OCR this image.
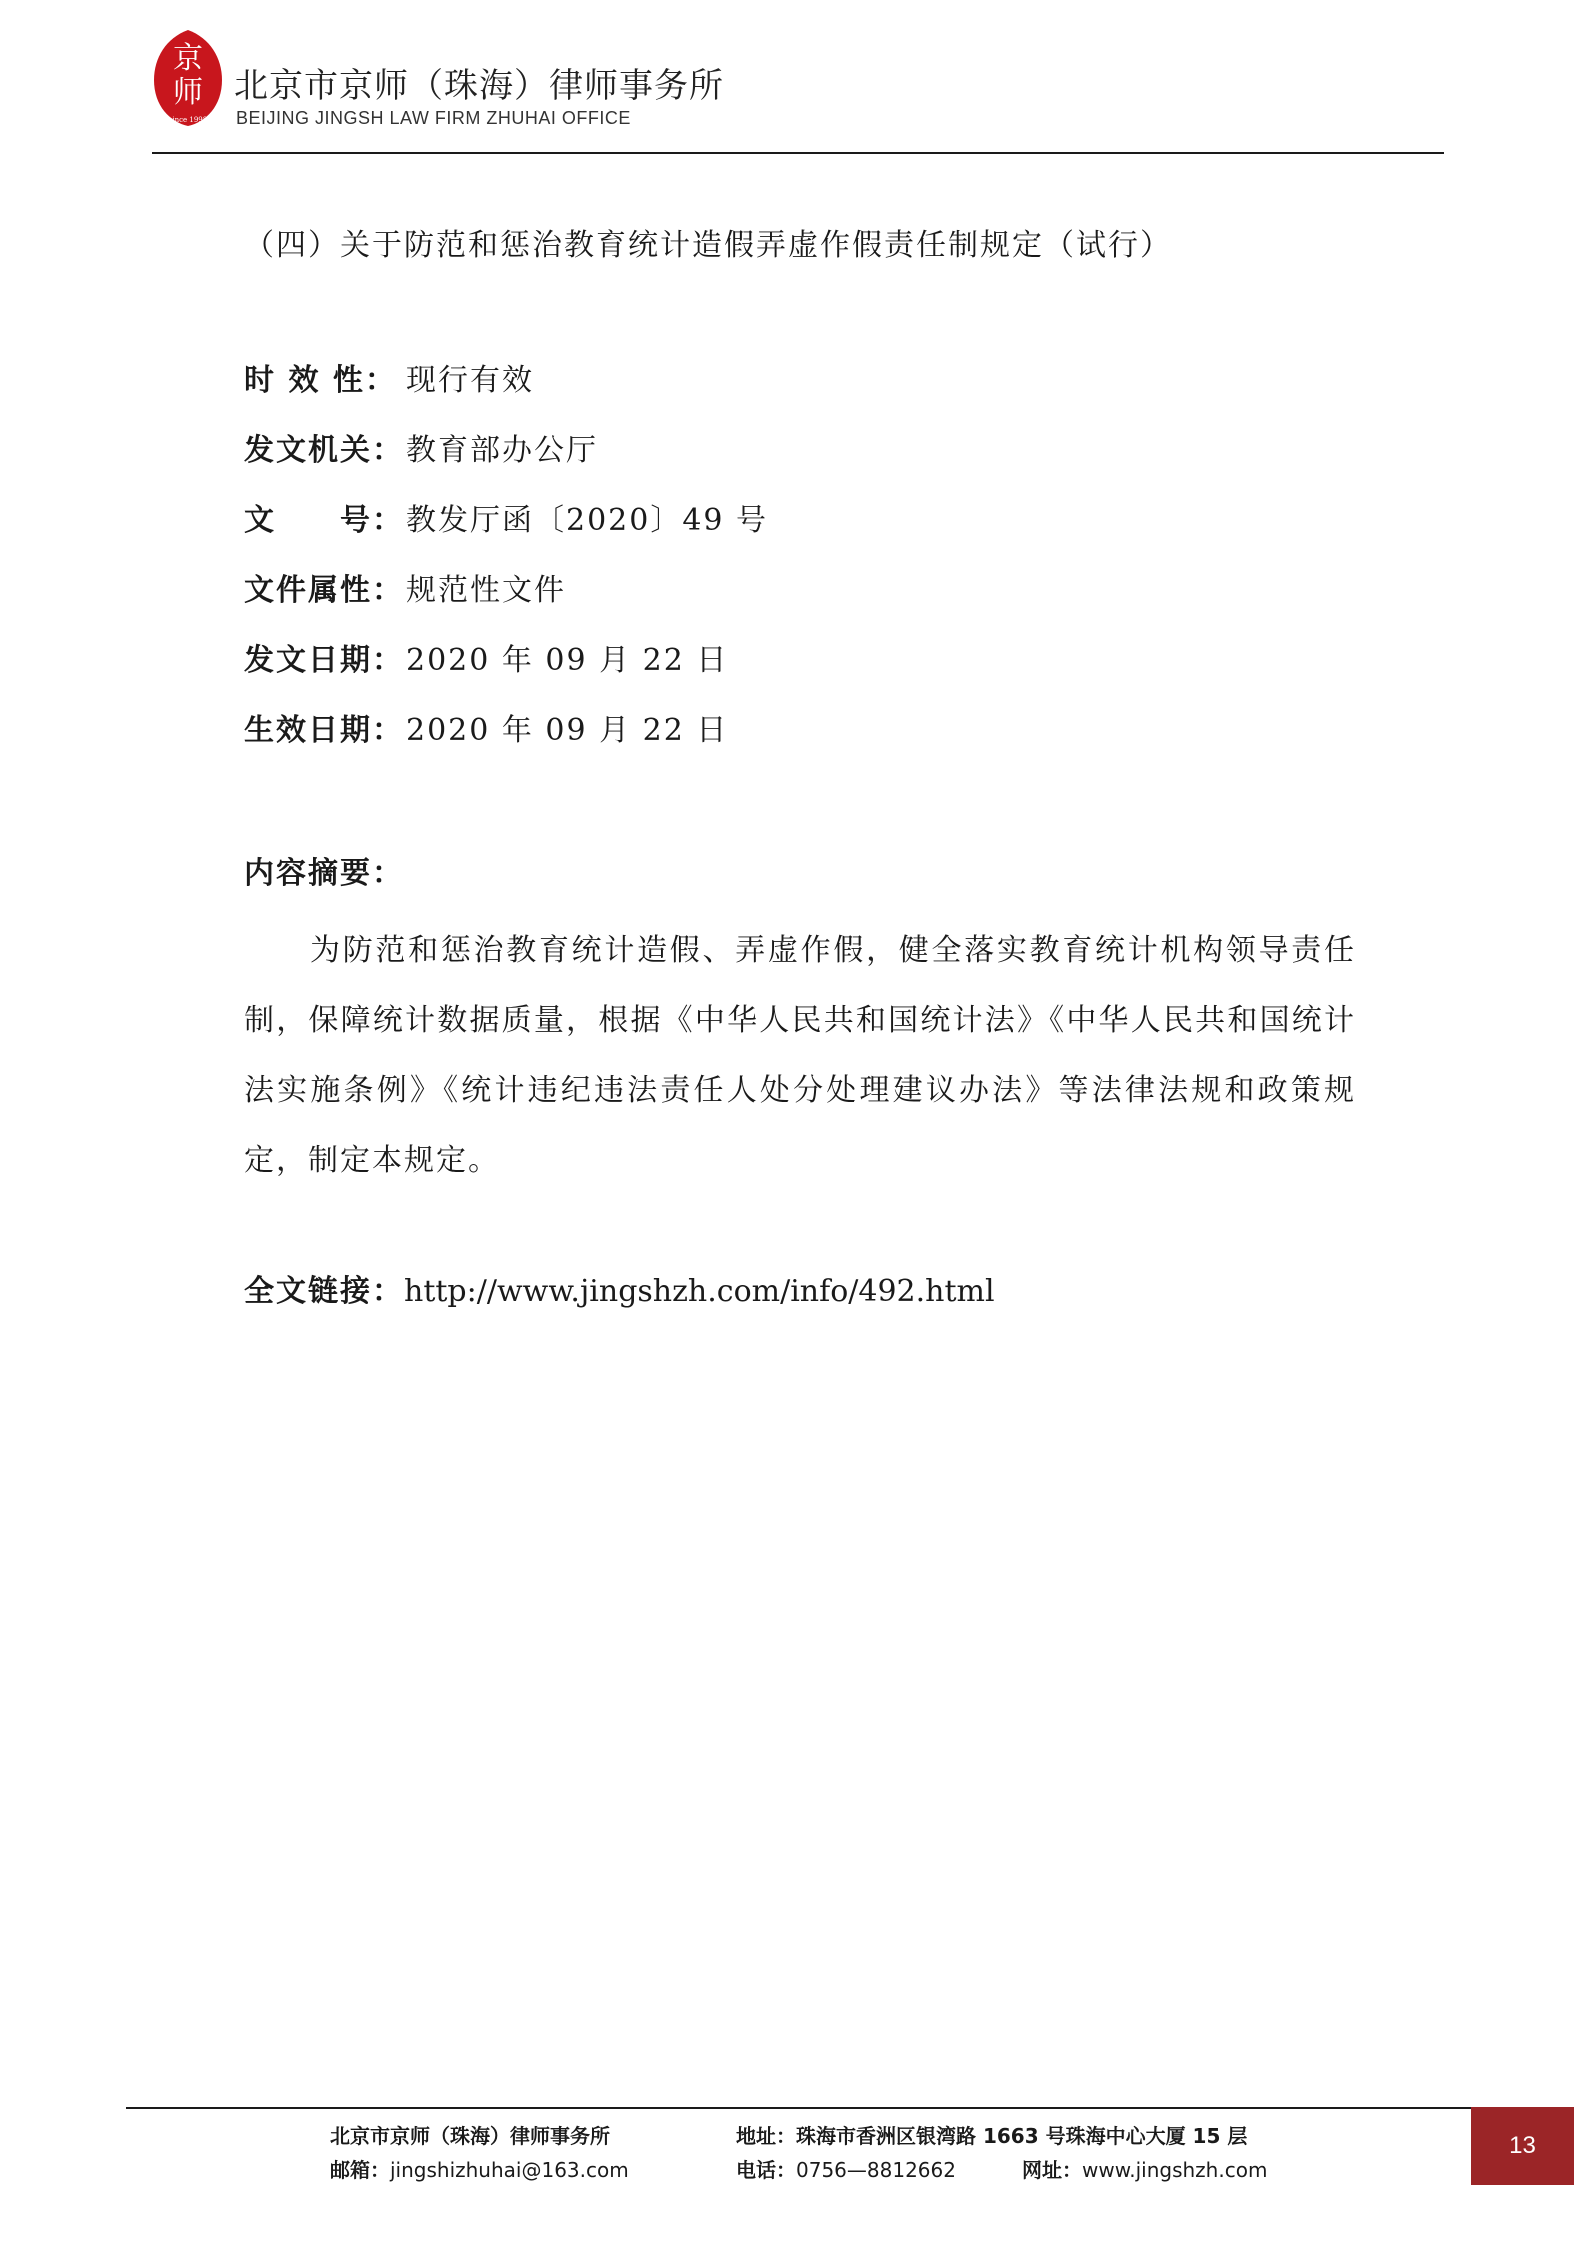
京
师
since 1998
北京市京师（珠海）律师事务所
BEIJING JINGSH LAW FIRM ZHUHAI OFFICE
（四）关于防范和惩治教育统计造假弄虚作假责任制规定（试行）
时 效 性： 现行有效
发文机关： 教育部办公厅
文　　号： 教发厅函〔2020〕49 号
文件属性： 规范性文件
发文日期： 2020 年 09 月 22 日
生效日期： 2020 年 09 月 22 日
内容摘要：
为防范和惩治教育统计造假、弄虚作假，健全落实教育统计机构领导责任制，保障统计数据质量，根据《中华人民共和国统计法》《中华人民共和国统计法实施条例》《统计违纪违法责任人处分处理建议办法》等法律法规和政策规定，制定本规定。
全文链接：http://www.jingshzh.com/info/492.html
北京市京师（珠海）律师事务所	地址：珠海市香洲区银湾路 1663 号珠海中心大厦 15 层
邮箱：jingshizhuhai@163.com	电话：0756—8812662	网址：www.jingshzh.com
13
